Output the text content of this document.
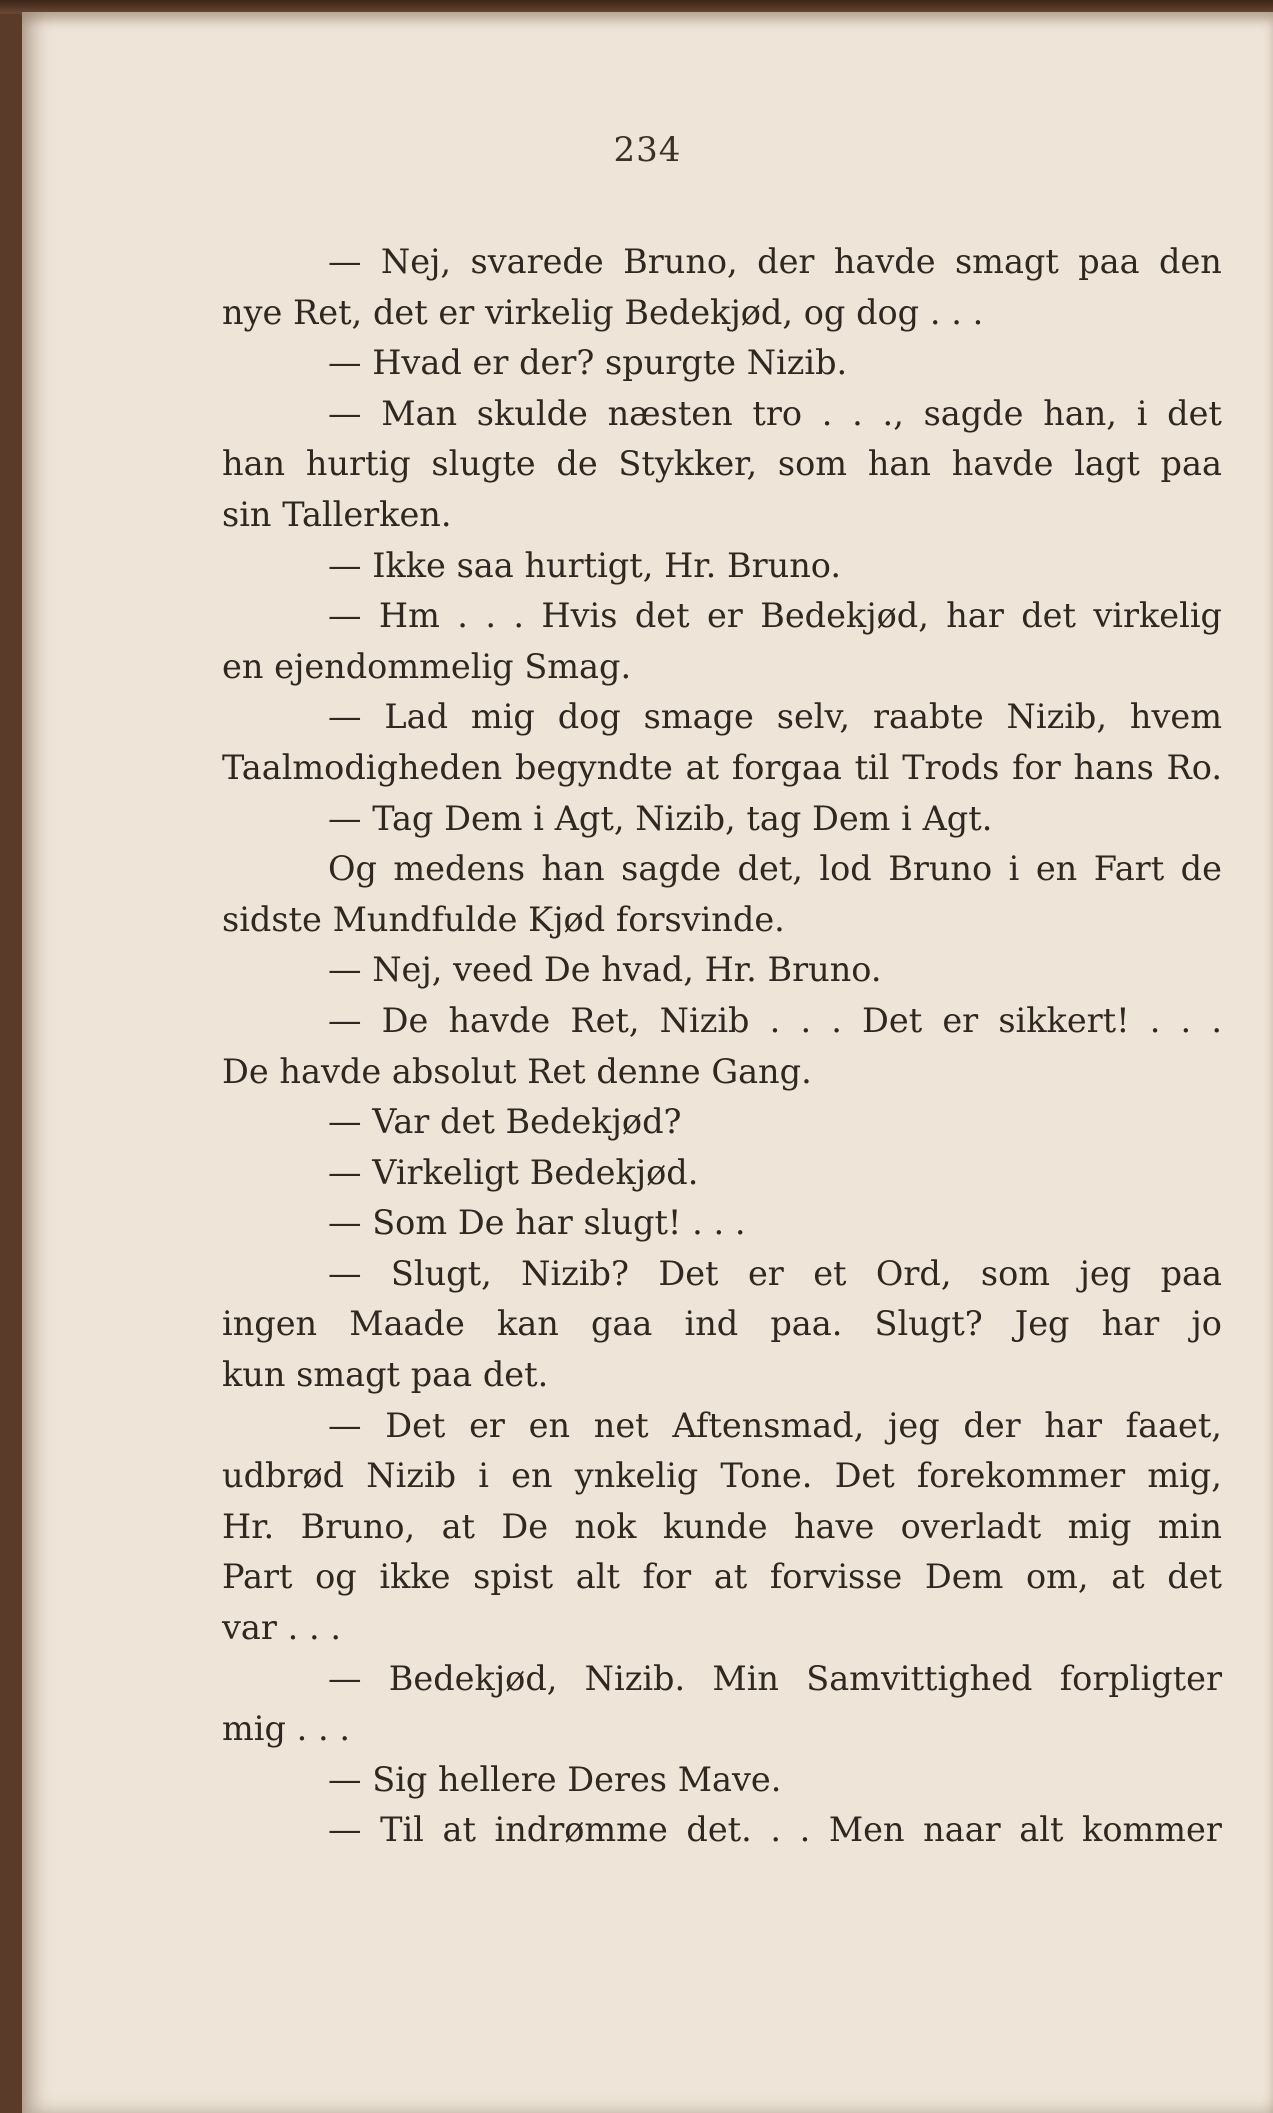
234
— Nej, svarede Bruno, der havde smagt paa den
nye Ret, det er virkelig Bedekjød, og dog . . .
— Hvad er der? spurgte Nizib.
— Man skulde næsten tro . . ., sagde han, i det
han hurtig slugte de Stykker, som han havde lagt paa
sin Tallerken.
— Ikke saa hurtigt, Hr. Bruno.
— Hm . . . Hvis det er Bedekjød, har det virkelig
en ejendommelig Smag.
— Lad mig dog smage selv, raabte Nizib, hvem
Taalmodigheden begyndte at forgaa til Trods for hans Ro.
— Tag Dem i Agt, Nizib, tag Dem i Agt.
Og medens han sagde det, lod Bruno i en Fart de
sidste Mundfulde Kjød forsvinde.
— Nej, veed De hvad, Hr. Bruno.
— De havde Ret, Nizib . . . Det er sikkert! . . .
De havde absolut Ret denne Gang.
— Var det Bedekjød?
— Virkeligt Bedekjød.
— Som De har slugt! . . .
— Slugt, Nizib? Det er et Ord, som jeg paa
ingen Maade kan gaa ind paa. Slugt? Jeg har jo
kun smagt paa det.
— Det er en net Aftensmad, jeg der har faaet,
udbrød Nizib i en ynkelig Tone. Det forekommer mig,
Hr. Bruno, at De nok kunde have overladt mig min
Part og ikke spist alt for at forvisse Dem om, at det
var . . .
— Bedekjød, Nizib. Min Samvittighed forpligter
mig . . .
— Sig hellere Deres Mave.
— Til at indrømme det. . . Men naar alt kommer
